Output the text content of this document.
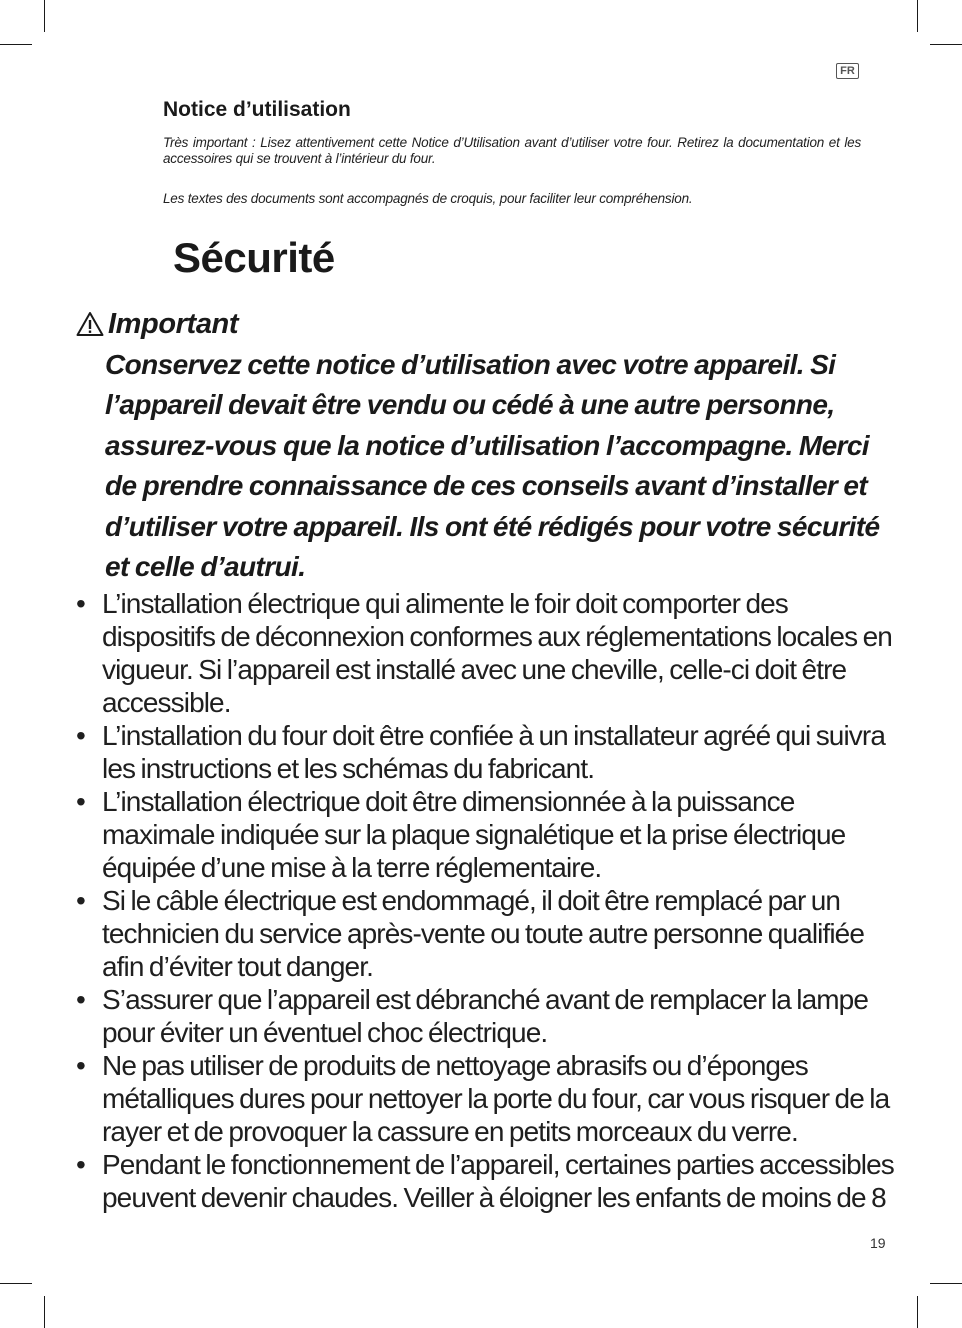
FR
Notice d’utilisation

Très important : Lisez attentivement cette Notice d’Utilisation avant d’utiliser votre four. Retirez la documentation et les accessoires qui se trouvent à l’intérieur du four.

Les textes des documents sont accompagnés de croquis, pour faciliter leur compréhension.

Sécurité
Important

Conservez cette notice d’utilisation avec votre appareil. Si l’appareil devait être vendu ou cédé à une autre personne, assurez-vous que la notice d’utilisation l’accompagne. Merci de prendre connaissance de ces conseils avant d’installer et d’utiliser votre appareil. Ils ont été rédigés pour votre sécurité et celle d’autrui.

• L’installation électrique qui alimente le foir doit comporter des dispositifs de déconnexion conformes aux réglementations locales en vigueur. Si l’appareil est installé avec une cheville, celle-ci doit être accessible.
• L’installation du four doit être confiée à un installateur agréé qui suivra les instructions et les schémas du fabricant.
• L’installation électrique doit être dimensionnée à la puissance maximale indiquée sur la plaque signalétique et la prise électrique équipée d’une mise à la terre réglementaire.
• Si le câble électrique est endommagé, il doit être remplacé par un technicien du service après-vente ou toute autre personne qualifiée afin d’éviter tout danger.
• S’assurer que l’appareil est débranché avant de remplacer la lampe pour éviter un éventuel choc électrique.
• Ne pas utiliser de produits de nettoyage abrasifs ou d’éponges métalliques dures pour nettoyer la porte du four, car vous risquer de la rayer et de provoquer la cassure en petits morceaux du verre.
• Pendant le fonctionnement de l’appareil, certaines parties accessibles peuvent devenir chaudes. Veiller à éloigner les enfants de moins de 8
19
